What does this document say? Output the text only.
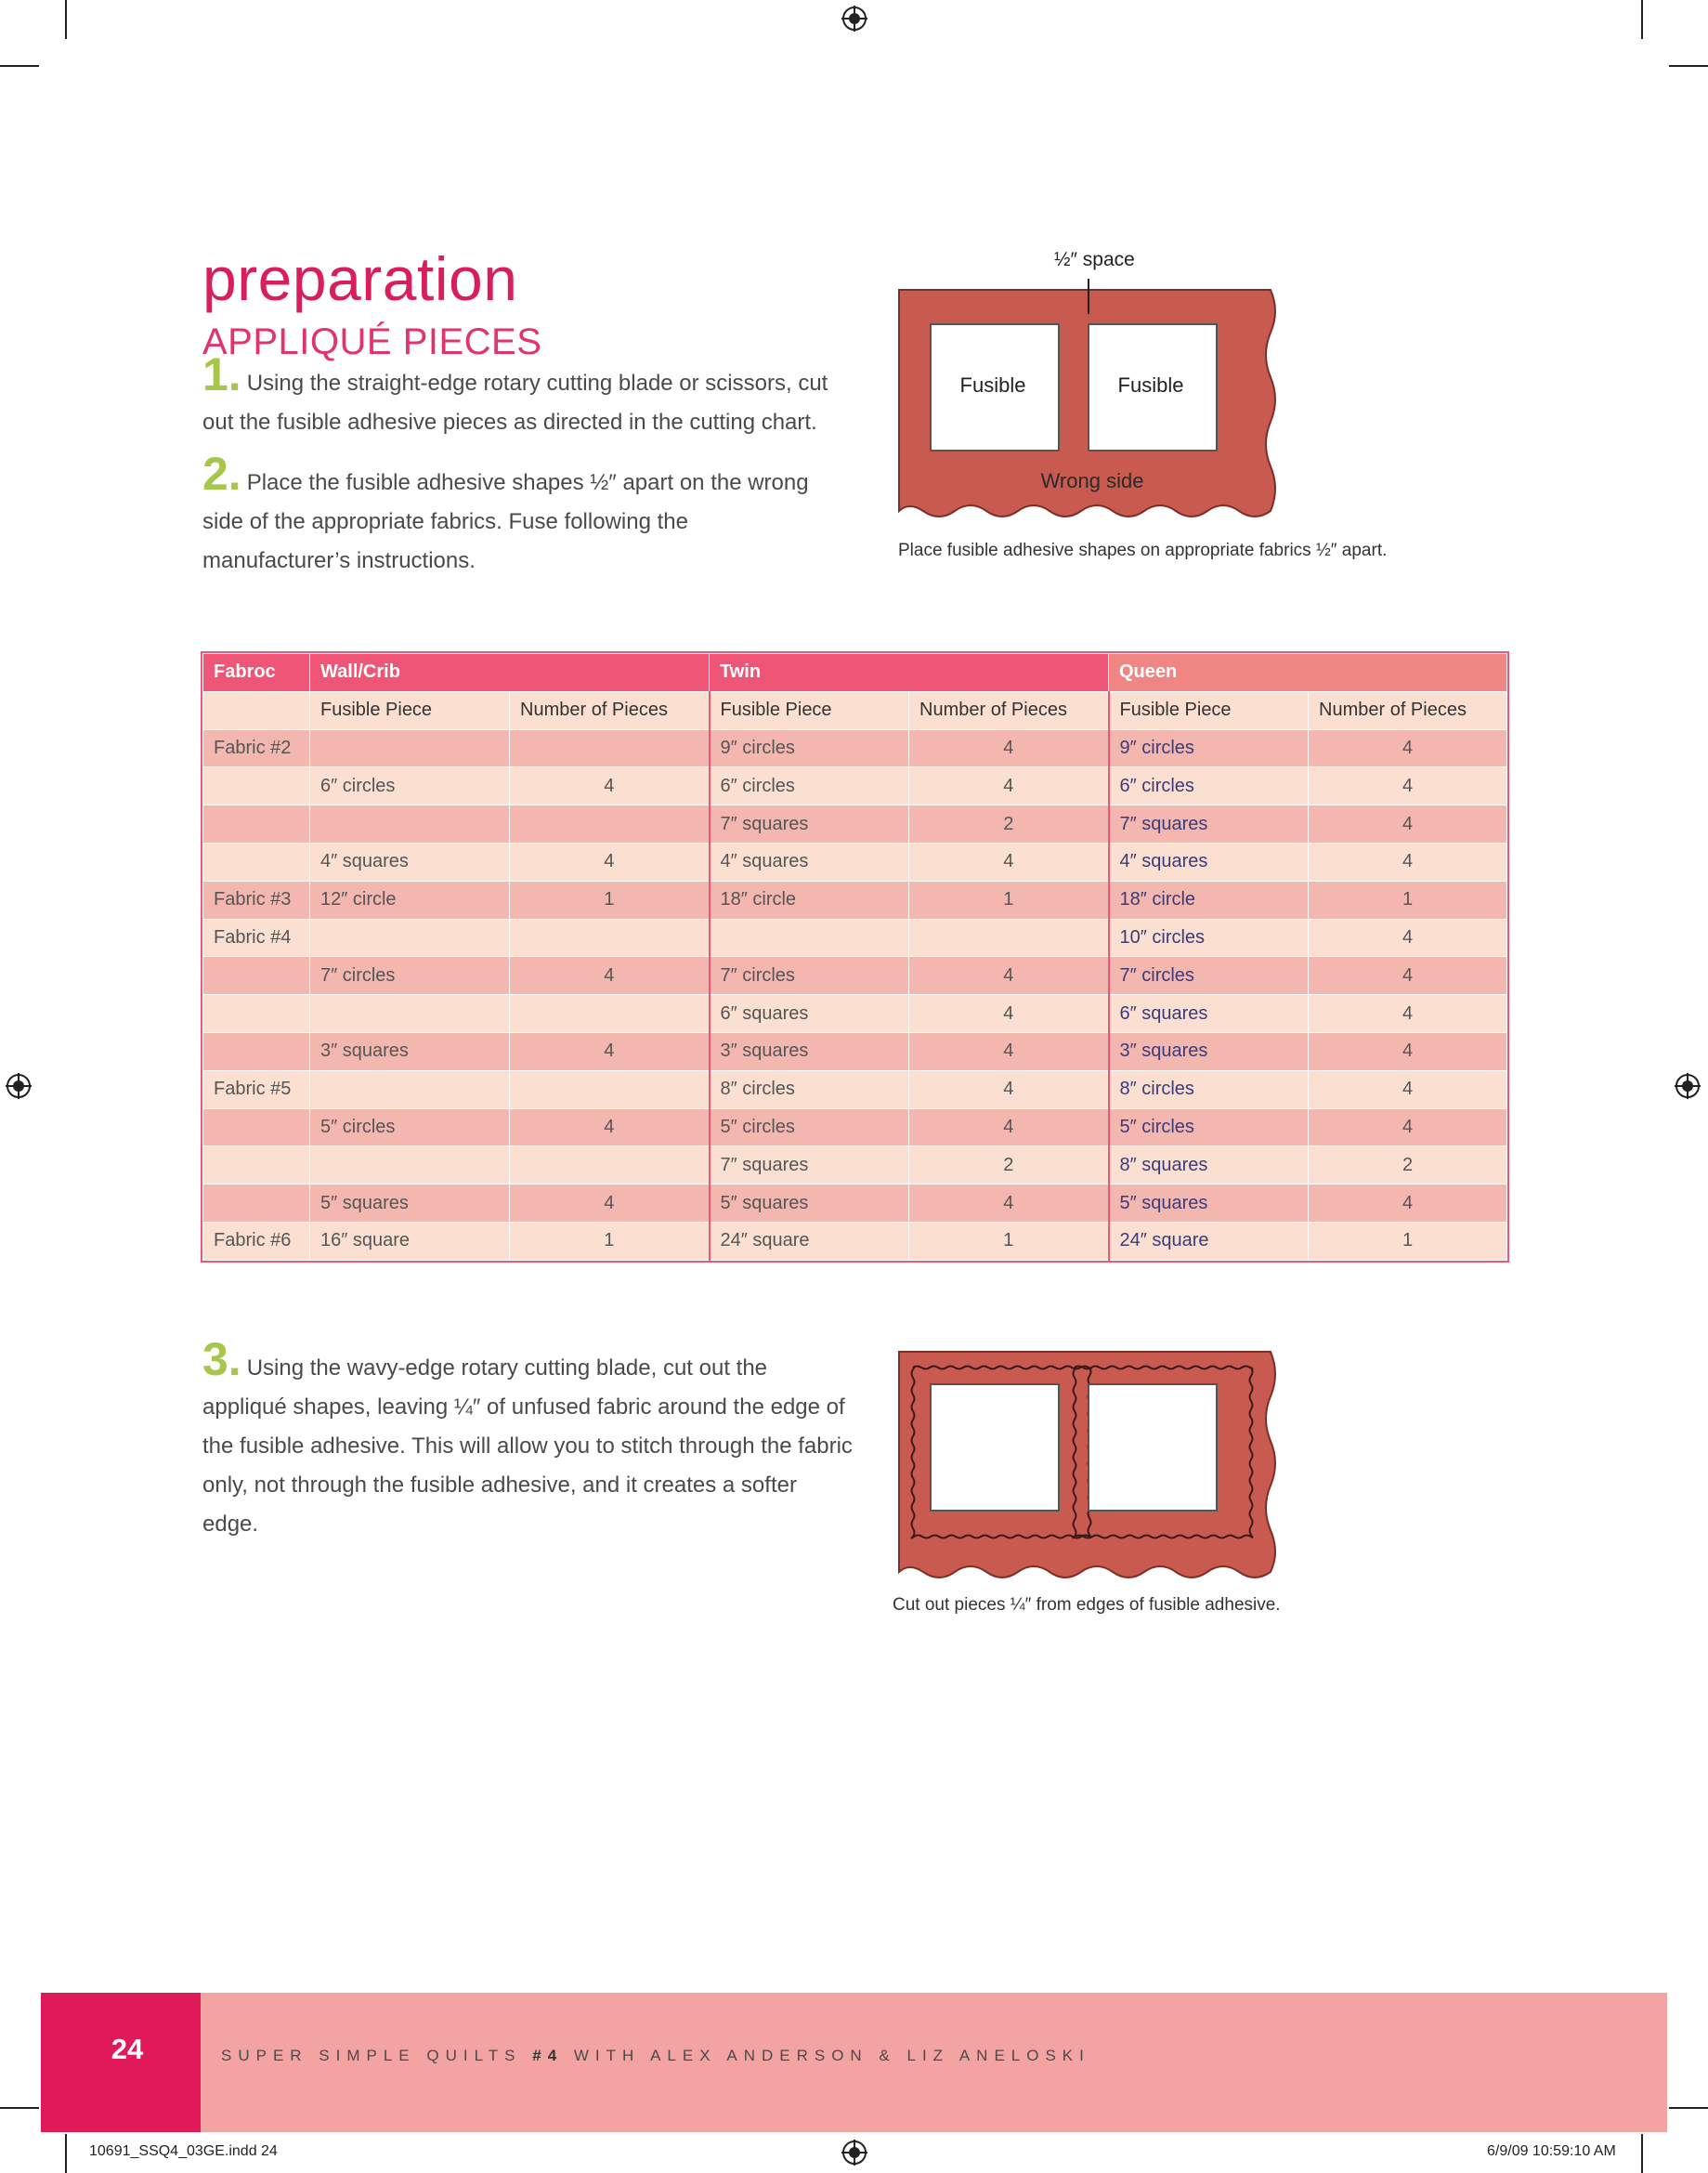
preparation
APPLIQUÉ PIECES
1. Using the straight-edge rotary cutting blade or scissors, cut out the fusible adhesive pieces as directed in the cutting chart.
2. Place the fusible adhesive shapes ½″ apart on the wrong side of the appropriate fabrics. Fuse following the manufacturer’s instructions.
3. Using the wavy-edge rotary cutting blade, cut out the appliqué shapes, leaving ¼″ of unfused fabric around the edge of the fusible adhesive. This will allow you to stitch through the fabric only, not through the fusible adhesive, and it creates a softer edge.
½″ space
Fusible	Fusible
Wrong side
Place fusible adhesive shapes on appropriate fabrics ½″ apart.
Fabroc	Wall/Crib		Twin		Queen	
	Fusible Piece	Number of Pieces	Fusible Piece	Number of Pieces	Fusible Piece	Number of Pieces
Fabric #2			9″ circles	4	9″ circles	4
	6″ circles	4	6″ circles	4	6″ circles	4
			7″ squares	2	7″ squares	4
	4″ squares	4	4″ squares	4	4″ squares	4
Fabric #3	12″ circle	1	18″ circle	1	18″ circle	1
Fabric #4					10″ circles	4
	7″ circles	4	7″ circles	4	7″ circles	4
			6″ squares	4	6″ squares	4
	3″ squares	4	3″ squares	4	3″ squares	4
Fabric #5			8″ circles	4	8″ circles	4
	5″ circles	4	5″ circles	4	5″ circles	4
			7″ squares	2	8″ squares	2
	5″ squares	4	5″ squares	4	5″ squares	4
Fabric #6	16″ square	1	24″ square	1	24″ square	1
Cut out pieces ¼″ from edges of fusible adhesive.
24	SUPER SIMPLE QUILTS #4 WITH ALEX ANDERSON & LIZ ANELOSKI
10691_SSQ4_03GE.indd 24	6/9/09 10:59:10 AM
